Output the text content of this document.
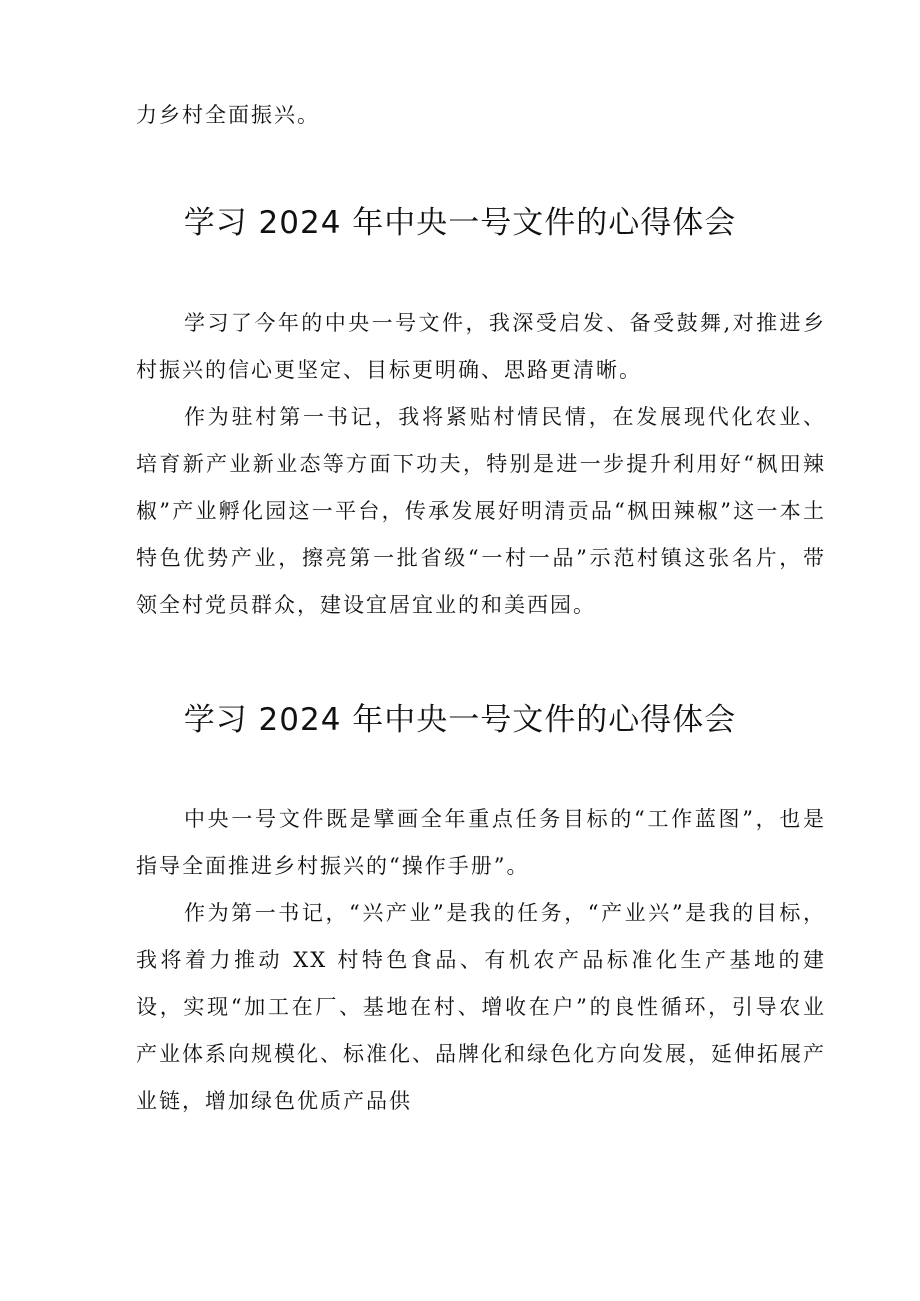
力乡村全面振兴。

学习 2024 年中央一号文件的心得体会

学习了今年的中央一号文件，我深受启发、备受鼓舞,对推进乡村振兴的信心更坚定、目标更明确、思路更清晰。

作为驻村第一书记，我将紧贴村情民情，在发展现代化农业、培育新产业新业态等方面下功夫，特别是进一步提升利用好“枫田辣椒”产业孵化园这一平台，传承发展好明清贡品“枫田辣椒”这一本土特色优势产业，擦亮第一批省级“一村一品”示范村镇这张名片，带领全村党员群众，建设宜居宜业的和美西园。

学习 2024 年中央一号文件的心得体会

中央一号文件既是擘画全年重点任务目标的“工作蓝图”，也是指导全面推进乡村振兴的“操作手册”。

作为第一书记，“兴产业”是我的任务，“产业兴”是我的目标，我将着力推动 XX 村特色食品、有机农产品标准化生产基地的建设，实现“加工在厂、基地在村、增收在户”的良性循环，引导农业产业体系向规模化、标准化、品牌化和绿色化方向发展，延伸拓展产业链，增加绿色优质产品供
